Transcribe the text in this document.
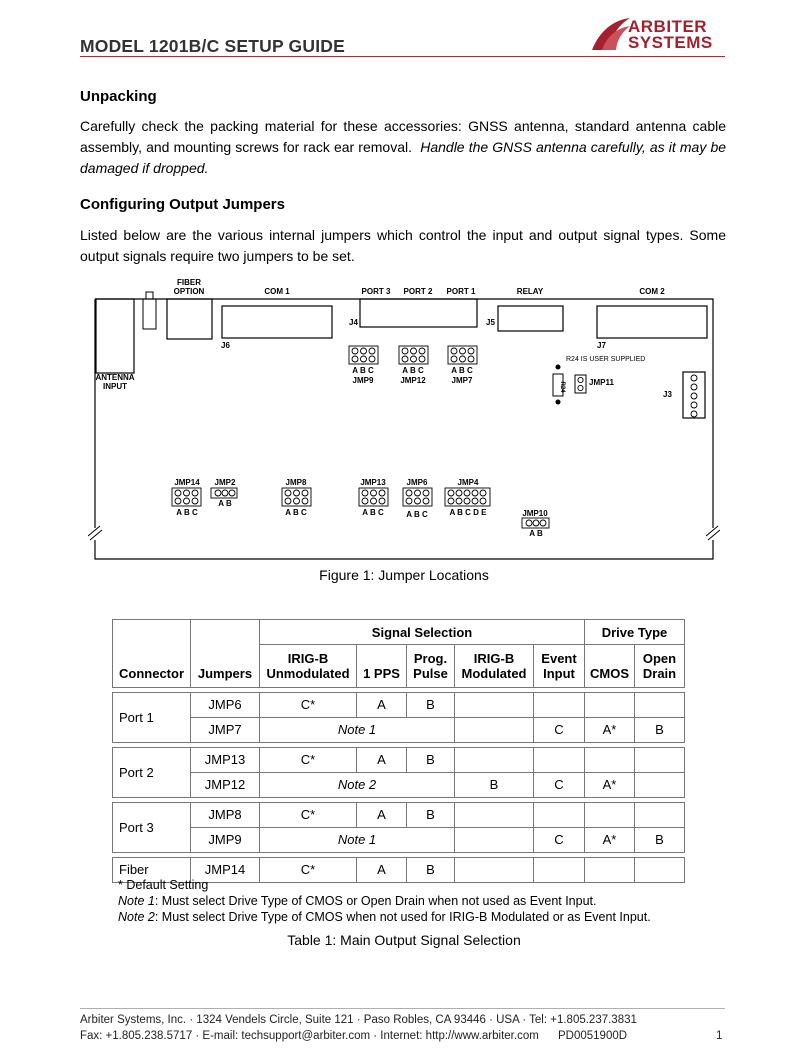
MODEL 1201B/C SETUP GUIDE
ARBITER
SYSTEMS
Unpacking
Carefully check the packing material for these accessories: GNSS antenna, standard antenna cable assembly, and mounting screws for rack ear removal. Handle the GNSS antenna carefully, as it may be damaged if dropped.
Configuring Output Jumpers
Listed below are the various internal jumpers which control the input and output signal types. Some output signals require two jumpers to be set.
ANTENNA
INPUT
FIBER
OPTION	COM 1
J6
PORT 3 PORT 2 PORT 1
J4
RELAY
J5
COM 2
J7
J3
R24 IS USER SUPPLIED
R24	JMP11
A B C
JMP9
A B C
JMP12
A B C
JMP7
JMP14
A B C
JMP2
A B
JMP8
A B C
JMP13
A B C
JMP6
A B C
JMP4
A B C D E	JMP10
A B
Figure 1: Jumper Locations
		Signal Selection					Drive Type	
Connector	Jumpers	IRIG-B
Unmodulated	1 PPS	Prog.
Pulse	IRIG-B
Modulated	Event
Input	CMOS	Open
Drain

Port 1	JMP6	C*	A	B				
	JMP7	Note 1				C	A*	B

Port 2	JMP13	C*	A	B				
	JMP12	Note 2			B	C	A*	

Port 3	JMP8	C*	A	B				
	JMP9	Note 1				C	A*	B

Fiber	JMP14	C*	A	B				
* Default Setting
Note 1: Must select Drive Type of CMOS or Open Drain when not used as Event Input.
Note 2: Must select Drive Type of CMOS when not used for IRIG-B Modulated or as Event Input.
Table 1: Main Output Signal Selection
Arbiter Systems, Inc. · 1324 Vendels Circle, Suite 121 · Paso Robles, CA 93446 · USA · Tel: +1.805.237.3831
Fax: +1.805.238.5717 · E-mail: techsupport@arbiter.com · Internet: http://www.arbiter.com PD0051900D	1
